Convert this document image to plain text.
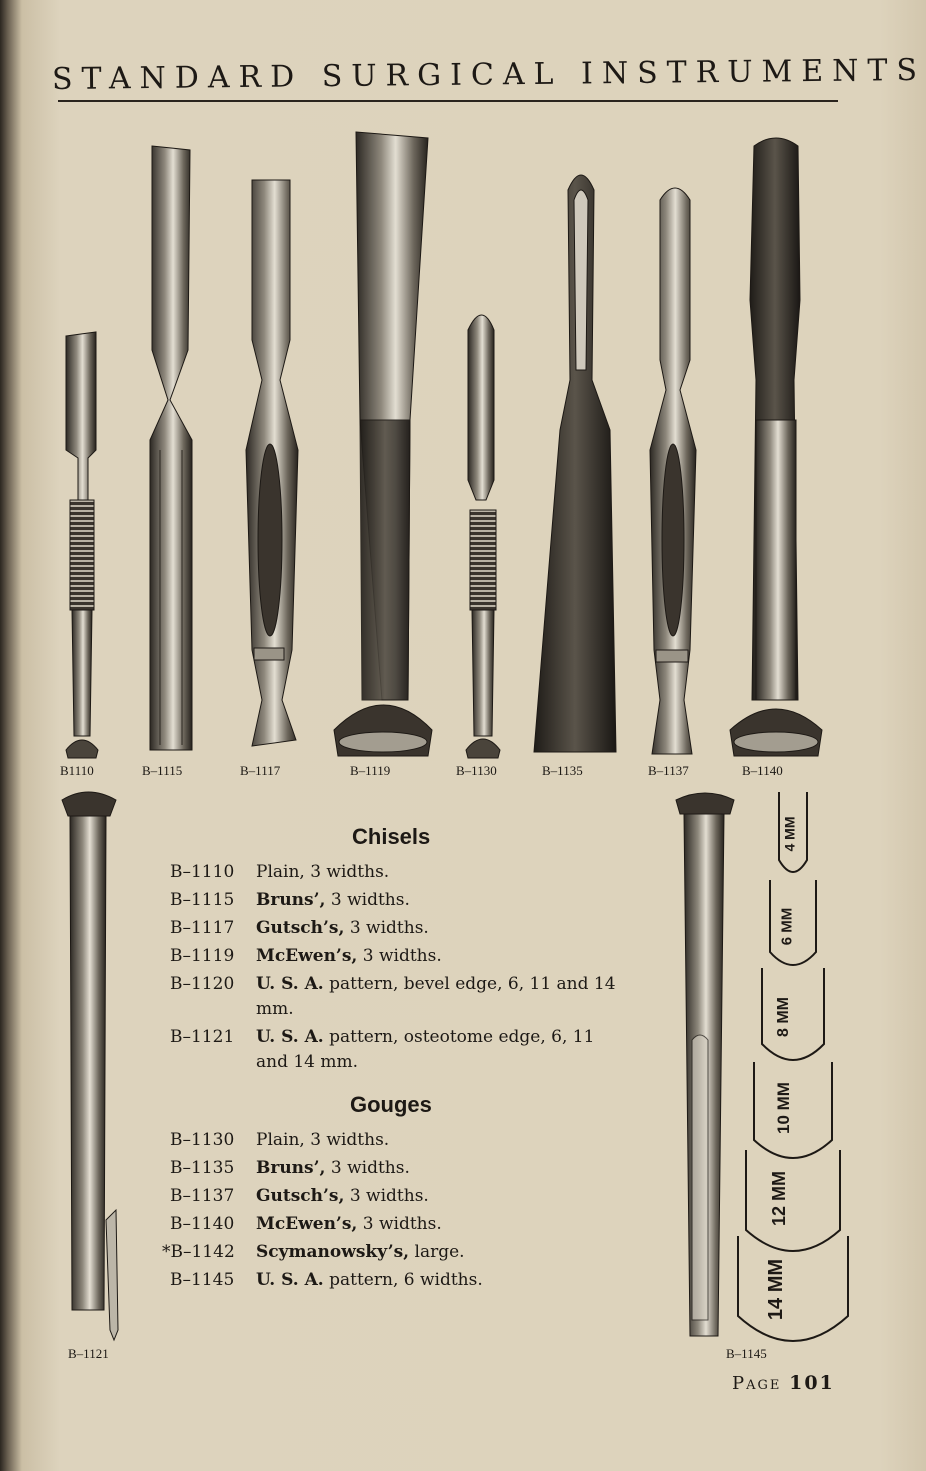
STANDARD SURGICAL INSTRUMENTS
4 MM
6 MM
8 MM
10 MM
12 MM
14 MM
B1110	B–1115	B–1117	B–1119	B–1130	B–1135	B–1137	B–1140
B–1121	B–1145
Chisels
B–1110	Plain, 3 widths.
B–1115	Bruns’, 3 widths.
B–1117	Gutsch’s, 3 widths.
B–1119	McEwen’s, 3 widths.
B–1120	U. S. A. pattern, bevel edge, 6, 11 and 14 mm.
B–1121	U. S. A. pattern, osteotome edge, 6, 11 and 14 mm.
Gouges
B–1130	Plain, 3 widths.
B–1135	Bruns’, 3 widths.
B–1137	Gutsch’s, 3 widths.
B–1140	McEwen’s, 3 widths.
*B–1142	Scymanowsky’s, large.
B–1145	U. S. A. pattern, 6 widths.
Page 101
